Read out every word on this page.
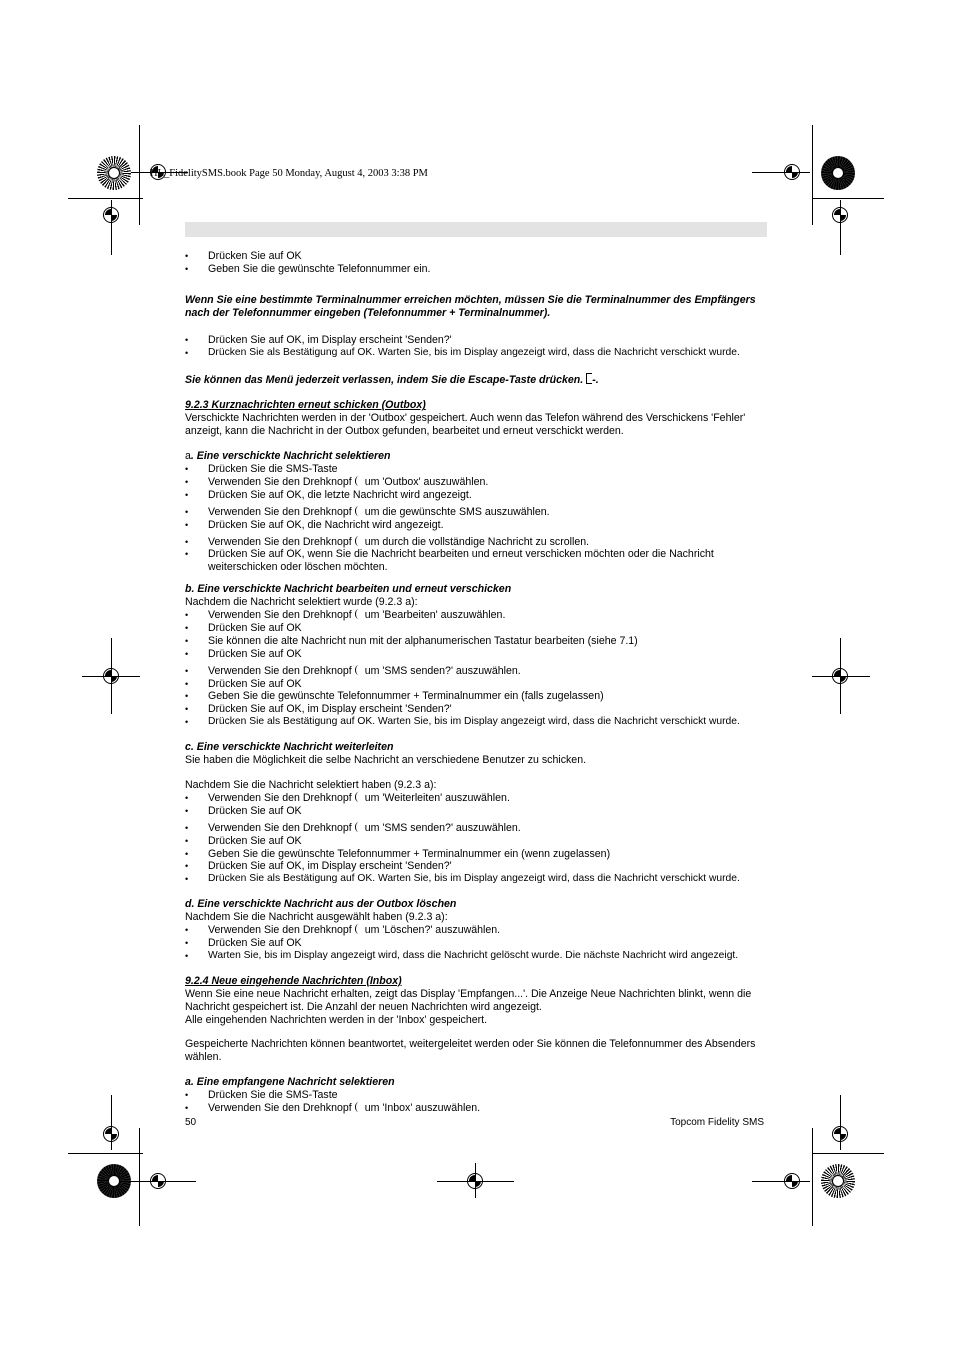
HL_FidelitySMS.book Page 50 Monday, August 4, 2003 3:38 PM
•	Drücken Sie auf OK
•	Geben Sie die gewünschte Telefonnummer ein.

Wenn Sie eine bestimmte Terminalnummer erreichen möchten, müssen Sie die Terminalnummer des Empfängers nach der Telefonnummer eingeben (Telefonnummer + Terminalnummer).

•	Drücken Sie auf OK, im Display erscheint 'Senden?'
•	Drücken Sie als Bestätigung auf OK. Warten Sie, bis im Display angezeigt wird, dass die Nachricht verschickt wurde.

Sie können das Menü jederzeit verlassen, indem Sie die Escape-Taste drücken. -.

9.2.3 Kurznachrichten erneut schicken (Outbox)

Verschickte Nachrichten werden in der 'Outbox' gespeichert. Auch wenn das Telefon während des Verschickens 'Fehler' anzeigt, kann die Nachricht in der Outbox gefunden, bearbeitet und erneut verschickt werden.

a. Eine verschickte Nachricht selektieren

•	Drücken Sie die SMS-Taste
•	Verwenden Sie den Drehknopf um 'Outbox' auszuwählen.
•	Drücken Sie auf OK, die letzte Nachricht wird angezeigt.
•	Verwenden Sie den Drehknopf um die gewünschte SMS auszuwählen.
•	Drücken Sie auf OK, die Nachricht wird angezeigt.
•	Verwenden Sie den Drehknopf um durch die vollständige Nachricht zu scrollen.
•	Drücken Sie auf OK, wenn Sie die Nachricht bearbeiten und erneut verschicken möchten oder die Nachricht weiterschicken oder löschen möchten.

b. Eine verschickte Nachricht bearbeiten und erneut verschicken

Nachdem die Nachricht selektiert wurde (9.2.3 a):

•	Verwenden Sie den Drehknopf um 'Bearbeiten' auszuwählen.
•	Drücken Sie auf OK
•	Sie können die alte Nachricht nun mit der alphanumerischen Tastatur bearbeiten (siehe 7.1)
•	Drücken Sie auf OK
•	Verwenden Sie den Drehknopf um 'SMS senden?' auszuwählen.
•	Drücken Sie auf OK
•	Geben Sie die gewünschte Telefonnummer + Terminalnummer ein (falls zugelassen)
•	Drücken Sie auf OK, im Display erscheint 'Senden?'
•	Drücken Sie als Bestätigung auf OK. Warten Sie, bis im Display angezeigt wird, dass die Nachricht verschickt wurde.

c. Eine verschickte Nachricht weiterleiten

Sie haben die Möglichkeit die selbe Nachricht an verschiedene Benutzer zu schicken.

Nachdem Sie die Nachricht selektiert haben (9.2.3 a):

•	Verwenden Sie den Drehknopf um 'Weiterleiten' auszuwählen.
•	Drücken Sie auf OK
•	Verwenden Sie den Drehknopf um 'SMS senden?' auszuwählen.
•	Drücken Sie auf OK
•	Geben Sie die gewünschte Telefonnummer + Terminalnummer ein (wenn zugelassen)
•	Drücken Sie auf OK, im Display erscheint 'Senden?'
•	Drücken Sie als Bestätigung auf OK. Warten Sie, bis im Display angezeigt wird, dass die Nachricht verschickt wurde.

d. Eine verschickte Nachricht aus der Outbox löschen

Nachdem Sie die Nachricht ausgewählt haben (9.2.3 a):

•	Verwenden Sie den Drehknopf um 'Löschen?' auszuwählen.
•	Drücken Sie auf OK
•	Warten Sie, bis im Display angezeigt wird, dass die Nachricht gelöscht wurde. Die nächste Nachricht wird angezeigt.

9.2.4 Neue eingehende Nachrichten (Inbox)

Wenn Sie eine neue Nachricht erhalten, zeigt das Display 'Empfangen...'. Die Anzeige Neue Nachrichten blinkt, wenn die Nachricht gespeichert ist. Die Anzahl der neuen Nachrichten wird angezeigt.

Alle eingehenden Nachrichten werden in der 'Inbox' gespeichert.

Gespeicherte Nachrichten können beantwortet, weitergeleitet werden oder Sie können die Telefonnummer des Absenders wählen.

a. Eine empfangene Nachricht selektieren

•	Drücken Sie die SMS-Taste
•	Verwenden Sie den Drehknopf um 'Inbox' auszuwählen.
50	Topcom Fidelity SMS
